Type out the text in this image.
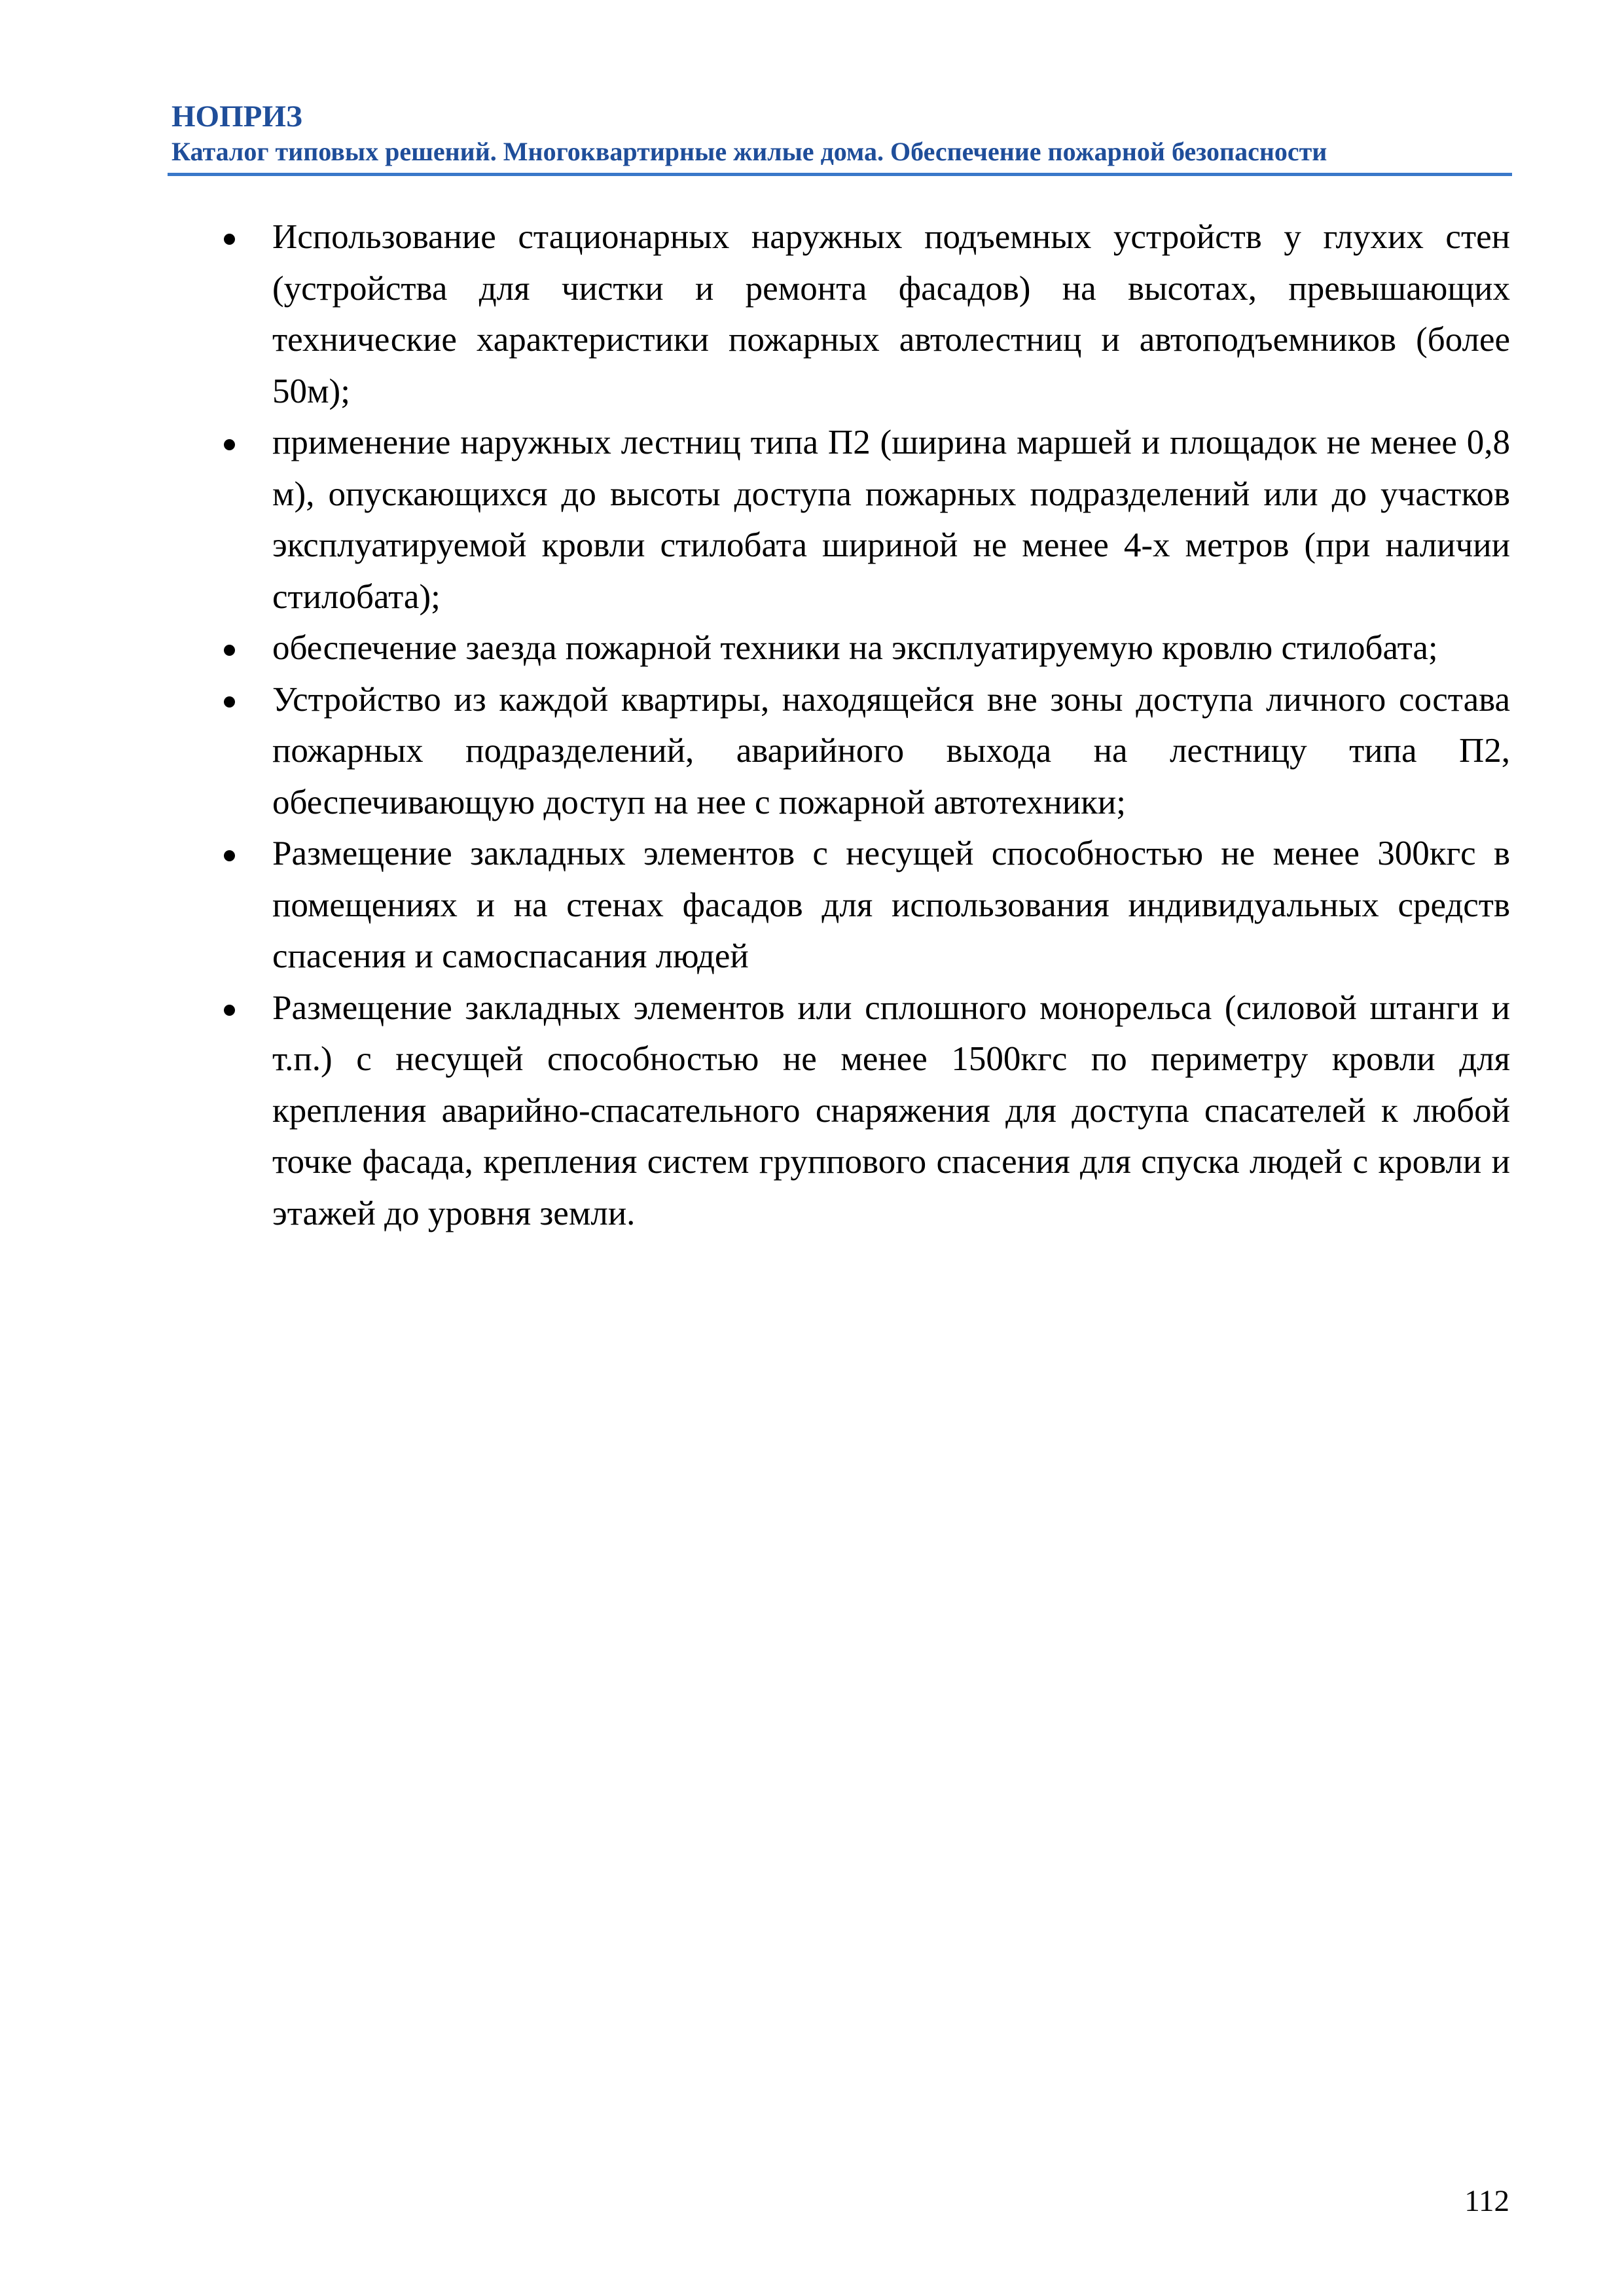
НОПРИЗ

Каталог типовых решений. Многоквартирные жилые дома. Обеспечение пожарной безопасности

Использование стационарных наружных подъемных устройств у глухих стен (устройства для чистки и ремонта фасадов) на высотах, превышающих технические характеристики пожарных автолестниц и автоподъемников (более 50м);
применение наружных лестниц типа П2 (ширина маршей и площадок не менее 0,8 м), опускающихся до высоты доступа пожарных подразделений или до участков эксплуатируемой кровли стилобата шириной не менее 4-х метров (при наличии стилобата);
обеспечение заезда пожарной техники на эксплуатируемую кровлю стилобата;
Устройство из каждой квартиры, находящейся вне зоны доступа личного состава пожарных подразделений, аварийного выхода на лестницу типа П2, обеспечивающую доступ на нее с пожарной автотехники;
Размещение закладных элементов с несущей способностью не менее 300кгс в помещениях и на стенах фасадов для использования индивидуальных средств спасения и самоспасания людей
Размещение закладных элементов или сплошного монорельса (силовой штанги и т.п.) с несущей способностью не менее 1500кгс по периметру кровли для крепления аварийно-спасательного снаряжения для доступа спасателей к любой точке фасада, крепления систем группового спасения для спуска людей с кровли и этажей до уровня земли.
112
